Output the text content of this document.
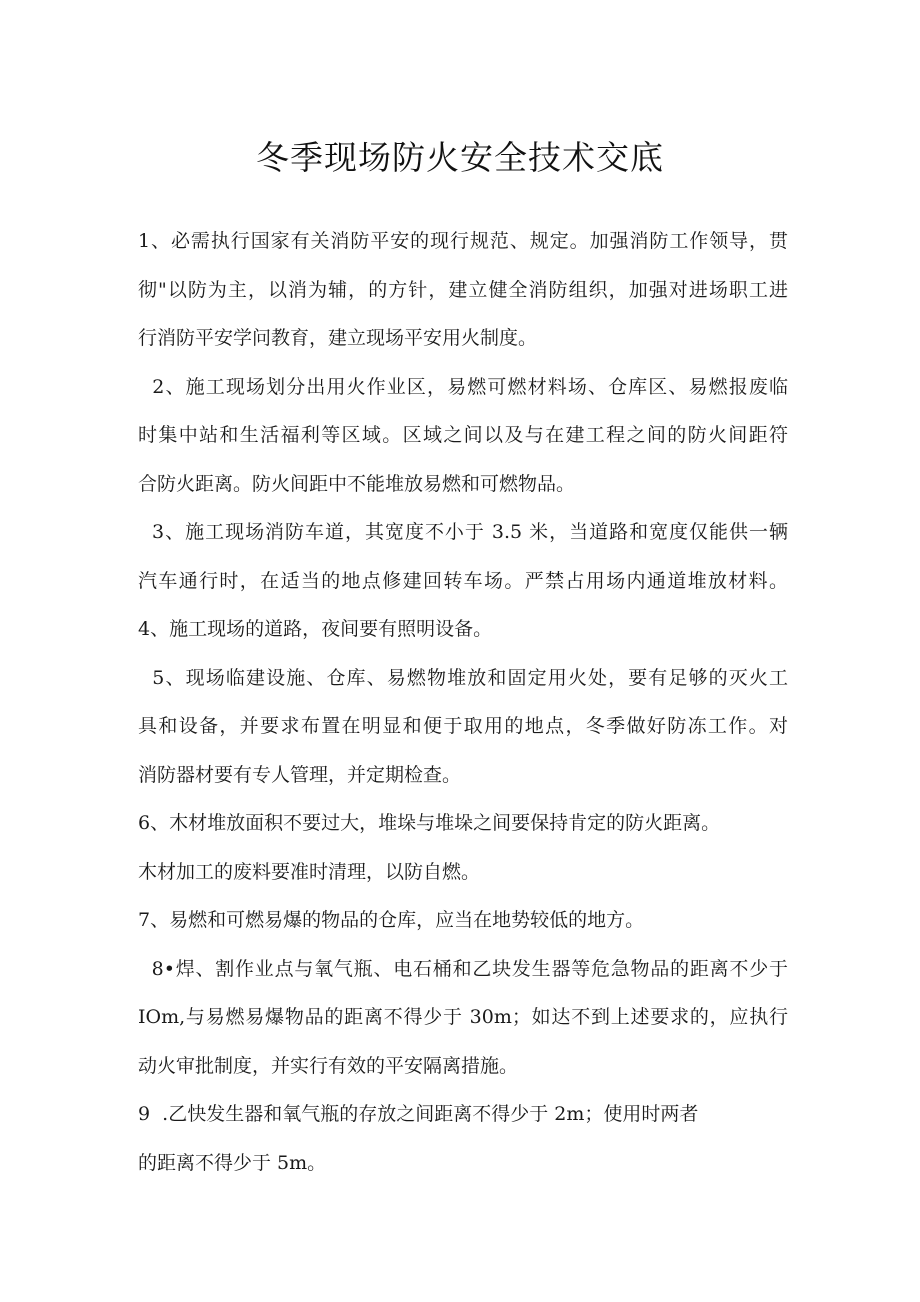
冬季现场防火安全技术交底
1、必需执行国家有关消防平安的现行规范、规定。加强消防工作领导，贯
彻"以防为主，以消为辅，的方针，建立健全消防组织，加强对进场职工进
行消防平安学问教育，建立现场平安用火制度。
2、施工现场划分出用火作业区，易燃可燃材料场、仓库区、易燃报废临
时集中站和生活福利等区域。区域之间以及与在建工程之间的防火间距符
合防火距离。防火间距中不能堆放易燃和可燃物品。
3、施工现场消防车道，其宽度不小于 3.5 米，当道路和宽度仅能供一辆
汽车通行时，在适当的地点修建回转车场。严禁占用场内通道堆放材料。
4、施工现场的道路，夜间要有照明设备。
5、现场临建设施、仓库、易燃物堆放和固定用火处，要有足够的灭火工
具和设备，并要求布置在明显和便于取用的地点，冬季做好防冻工作。对
消防器材要有专人管理，并定期检查。
6、木材堆放面积不要过大，堆垛与堆垛之间要保持肯定的防火距离。
木材加工的废料要准时清理，以防自燃。
7、易燃和可燃易爆的物品的仓库，应当在地势较低的地方。
8•焊、割作业点与氧气瓶、电石桶和乙块发生器等危急物品的距离不少于
IOm,与易燃易爆物品的距离不得少于 30m；如达不到上述要求的，应执行
动火审批制度，并实行有效的平安隔离措施。
9  .乙快发生器和氧气瓶的存放之间距离不得少于 2m；使用时两者
的距离不得少于 5m。
